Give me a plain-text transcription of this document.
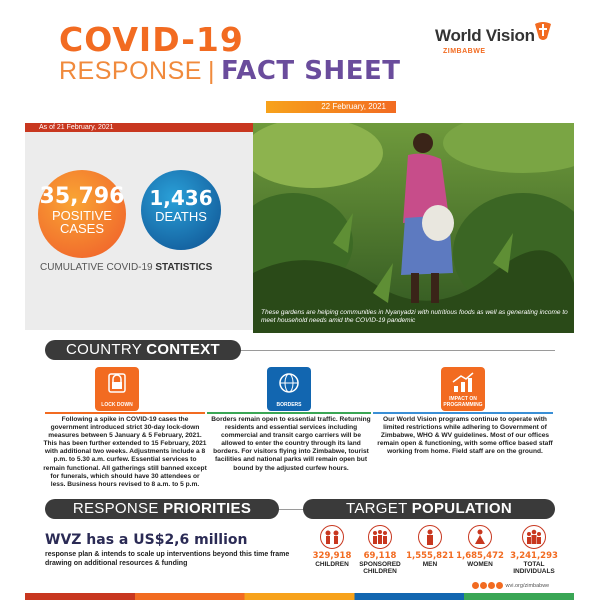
COVID-19
RESPONSE | FACT SHEET
World Vision
ZIMBABWE
22 February, 2021
As of 21 February, 2021
35,796
POSITIVE
CASES
1,436
DEATHS
CUMULATIVE COVID-19 STATISTICS
These gardens are helping communities in Nyanyadzi with nutritious foods as well as generating income to meet household needs amid the COVID-19 pandemic
COUNTRY CONTEXT
LOCK DOWN	BORDERS
IMPACT ON PROGRAMMING
Following a spike in COVID-19 cases the government introduced strict 30-day lock-down measures between 5 January & 5 February, 2021. This has been further extended to 15 February, 2021 with additional two weeks. Adjustments include a 8 p.m. to 5.30 a.m. curfew. Essential services to remain functional. All gatherings still banned except for funerals, which should have 30 attendees or less. Business hours revised to 8 a.m. to 5 p.m.
Borders remain open to essential traffic. Returning residents and essential services including commercial and transit cargo carriers will be allowed to enter the country through its land borders. For visitors flying into Zimbabwe, tourist facilities and national parks will remain open but bound by the adjusted curfew hours.
Our World Vision programs continue to operate with limited restrictions while adhering to Government of Zimbabwe, WHO & WV guidelines. Most of our offices remain open & functioning, with some office based staff working from home. Field staff are on the ground.
RESPONSE PRIORITIES
WVZ has a US$2,6 million
response plan & intends to scale up interventions beyond this time frame drawing on additional resources & funding
TARGET POPULATION
329,918
CHILDREN
69,118
SPONSORED CHILDREN
1,555,821
MEN
1,685,472
WOMEN
3,241,293
TOTAL INDIVIDUALS
wvi.org/zimbabwe
